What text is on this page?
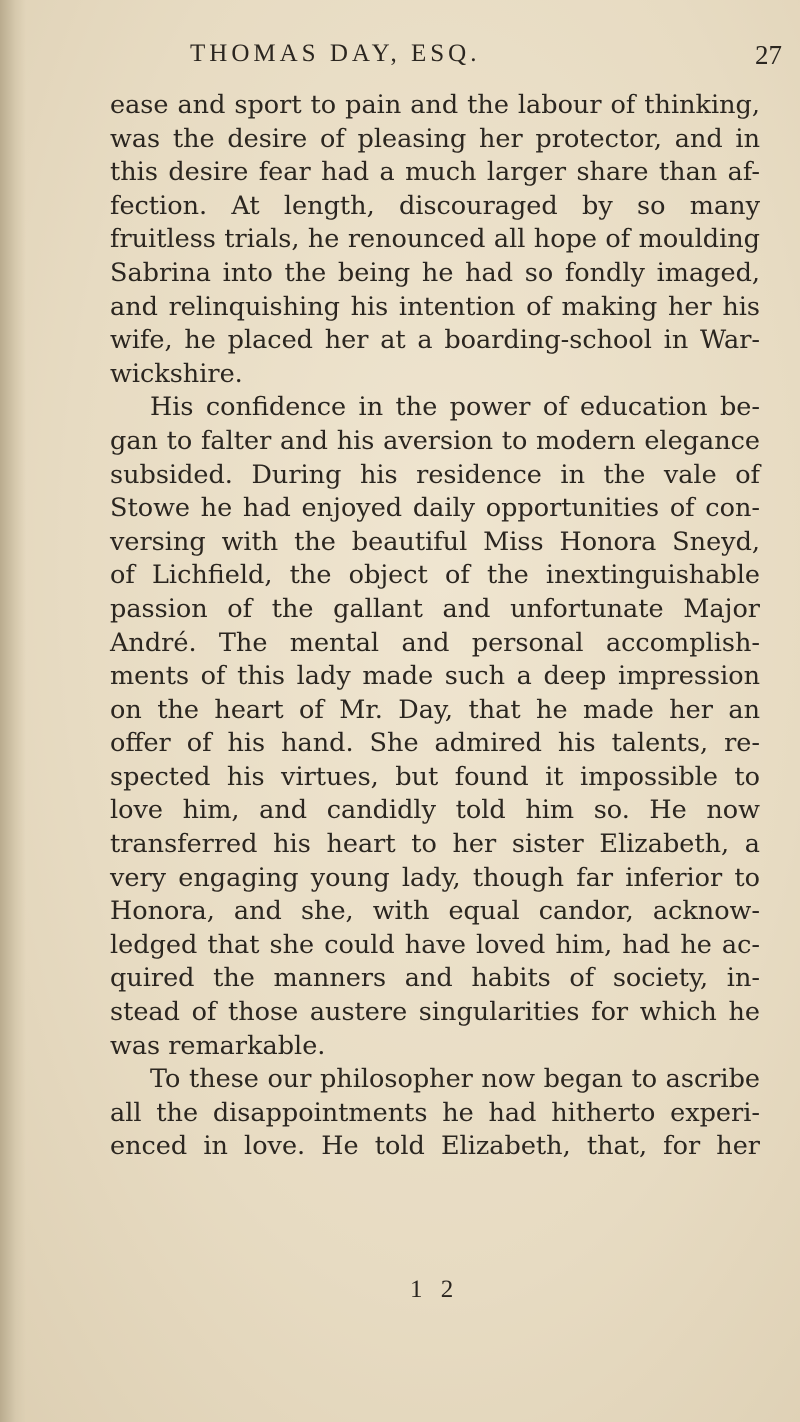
THOMAS DAY, ESQ.	27
ease and sport to pain and the labour of thinking,
was the desire of pleasing her protector, and in
this desire fear had a much larger share than af-
fection. At length, discouraged by so many
fruitless trials, he renounced all hope of moulding
Sabrina into the being he had so fondly imaged,
and relinquishing his intention of making her his
wife, he placed her at a boarding-school in War-
wickshire.
His confidence in the power of education be-
gan to falter and his aversion to modern elegance
subsided. During his residence in the vale of
Stowe he had enjoyed daily opportunities of con-
versing with the beautiful Miss Honora Sneyd,
of Lichfield, the object of the inextinguishable
passion of the gallant and unfortunate Major
André. The mental and personal accomplish-
ments of this lady made such a deep impression
on the heart of Mr. Day, that he made her an
offer of his hand. She admired his talents, re-
spected his virtues, but found it impossible to
love him, and candidly told him so. He now
transferred his heart to her sister Elizabeth, a
very engaging young lady, though far inferior to
Honora, and she, with equal candor, acknow-
ledged that she could have loved him, had he ac-
quired the manners and habits of society, in-
stead of those austere singularities for which he
was remarkable.
To these our philosopher now began to ascribe
all the disappointments he had hitherto experi-
enced in love. He told Elizabeth, that, for her
1 2
